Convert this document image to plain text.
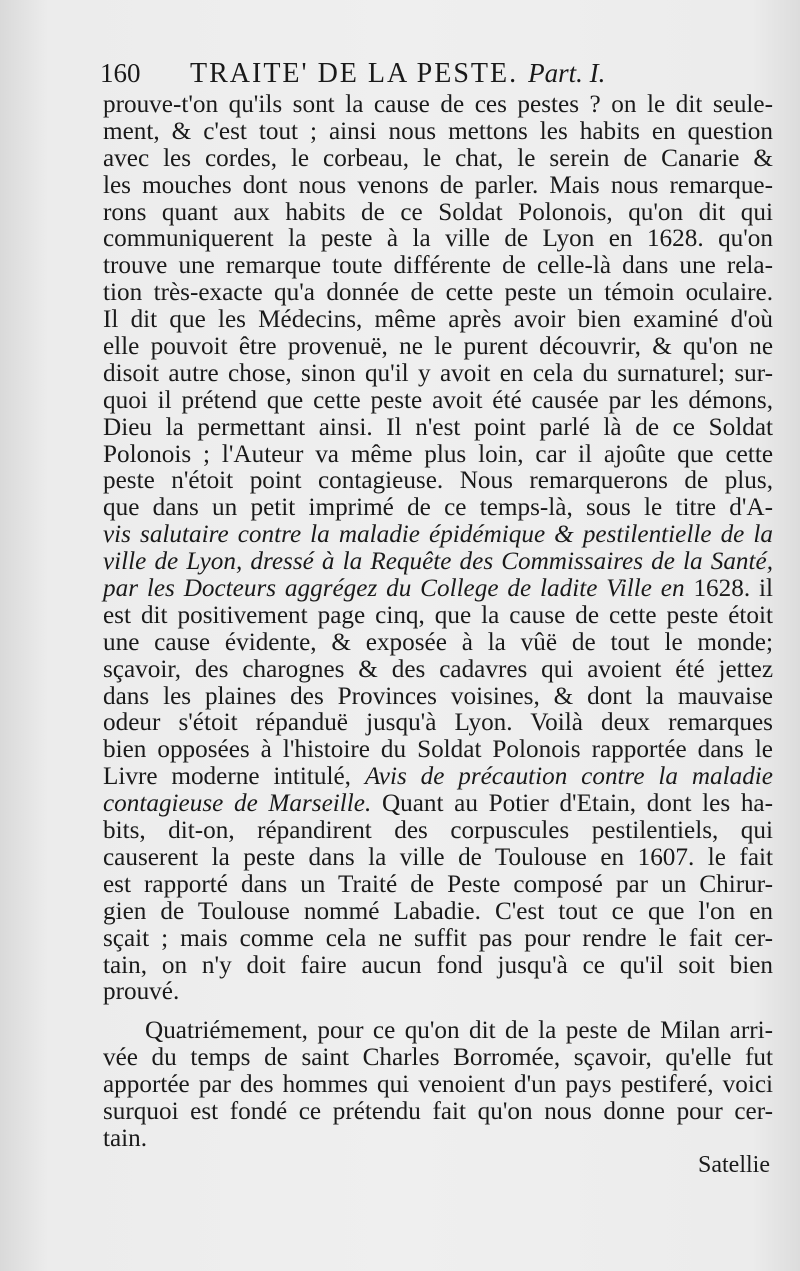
160	TRAITE' DE LA PESTE. Part. I.
prouve-t'on qu'ils sont la cause de ces pestes ? on le dit seule-
ment, & c'est tout ; ainsi nous mettons les habits en question
avec les cordes, le corbeau, le chat, le serein de Canarie &
les mouches dont nous venons de parler. Mais nous remarque-
rons quant aux habits de ce Soldat Polonois, qu'on dit qui
communiquerent la peste à la ville de Lyon en 1628. qu'on
trouve une remarque toute différente de celle-là dans une rela-
tion très-exacte qu'a donnée de cette peste un témoin oculaire.
Il dit que les Médecins, même après avoir bien examiné d'où
elle pouvoit être provenuë, ne le purent découvrir, & qu'on ne
disoit autre chose, sinon qu'il y avoit en cela du surnaturel; sur-
quoi il prétend que cette peste avoit été causée par les démons,
Dieu la permettant ainsi. Il n'est point parlé là de ce Soldat
Polonois ; l'Auteur va même plus loin, car il ajoûte que cette
peste n'étoit point contagieuse. Nous remarquerons de plus,
que dans un petit imprimé de ce temps-là, sous le titre d'A-
vis salutaire contre la maladie épidémique & pestilentielle de la
ville de Lyon, dressé à la Requête des Commissaires de la Santé,
par les Docteurs aggrégez du College de ladite Ville en 1628. il
est dit positivement page cinq, que la cause de cette peste étoit
une cause évidente, & exposée à la vûë de tout le monde;
sçavoir, des charognes & des cadavres qui avoient été jettez
dans les plaines des Provinces voisines, & dont la mauvaise
odeur s'étoit répanduë jusqu'à Lyon. Voilà deux remarques
bien opposées à l'histoire du Soldat Polonois rapportée dans le
Livre moderne intitulé, Avis de précaution contre la maladie
contagieuse de Marseille. Quant au Potier d'Etain, dont les ha-
bits, dit-on, répandirent des corpuscules pestilentiels, qui
causerent la peste dans la ville de Toulouse en 1607. le fait
est rapporté dans un Traité de Peste composé par un Chirur-
gien de Toulouse nommé Labadie. C'est tout ce que l'on en
sçait ; mais comme cela ne suffit pas pour rendre le fait cer-
tain, on n'y doit faire aucun fond jusqu'à ce qu'il soit bien
prouvé.
Quatriémement, pour ce qu'on dit de la peste de Milan arri-
vée du temps de saint Charles Borromée, sçavoir, qu'elle fut
apportée par des hommes qui venoient d'un pays pestiferé, voici
surquoi est fondé ce prétendu fait qu'on nous donne pour cer-
tain.
Satellie
